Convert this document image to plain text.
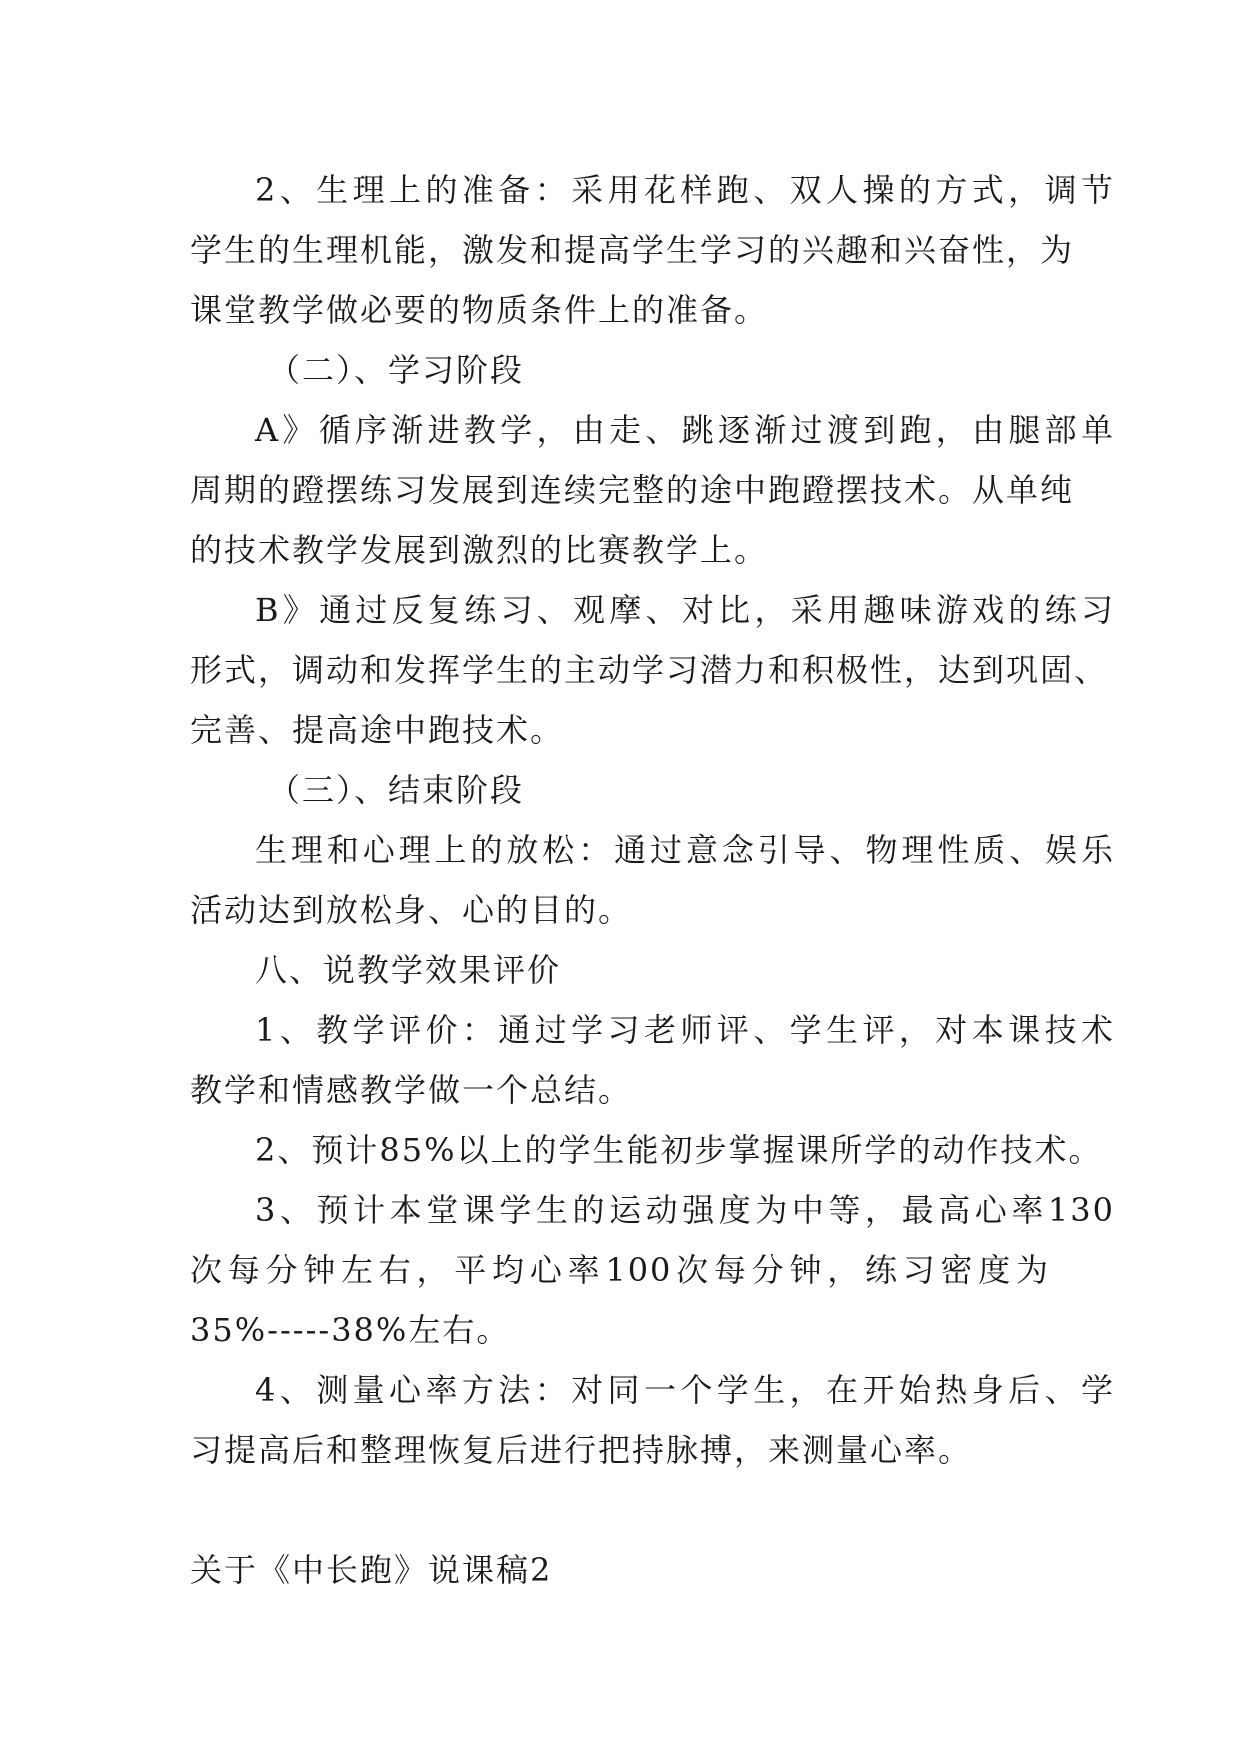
2、生理上的准备：采用花样跑、双人操的方式，调节
学生的生理机能，激发和提高学生学习的兴趣和兴奋性，为
课堂教学做必要的物质条件上的准备。
（二）、学习阶段
A》循序渐进教学，由走、跳逐渐过渡到跑，由腿部单
周期的蹬摆练习发展到连续完整的途中跑蹬摆技术。从单纯
的技术教学发展到激烈的比赛教学上。
B》通过反复练习、观摩、对比，采用趣味游戏的练习
形式，调动和发挥学生的主动学习潜力和积极性，达到巩固、
完善、提高途中跑技术。
（三）、结束阶段
生理和心理上的放松：通过意念引导、物理性质、娱乐
活动达到放松身、心的目的。
八、说教学效果评价
1、教学评价：通过学习老师评、学生评，对本课技术
教学和情感教学做一个总结。
2、预计85%以上的学生能初步掌握课所学的动作技术。
3、预计本堂课学生的运动强度为中等，最高心率130
次每分钟左右，平均心率100次每分钟，练习密度为
35%-----38%左右。
4、测量心率方法：对同一个学生，在开始热身后、学
习提高后和整理恢复后进行把持脉搏，来测量心率。
关于《中长跑》说课稿2
